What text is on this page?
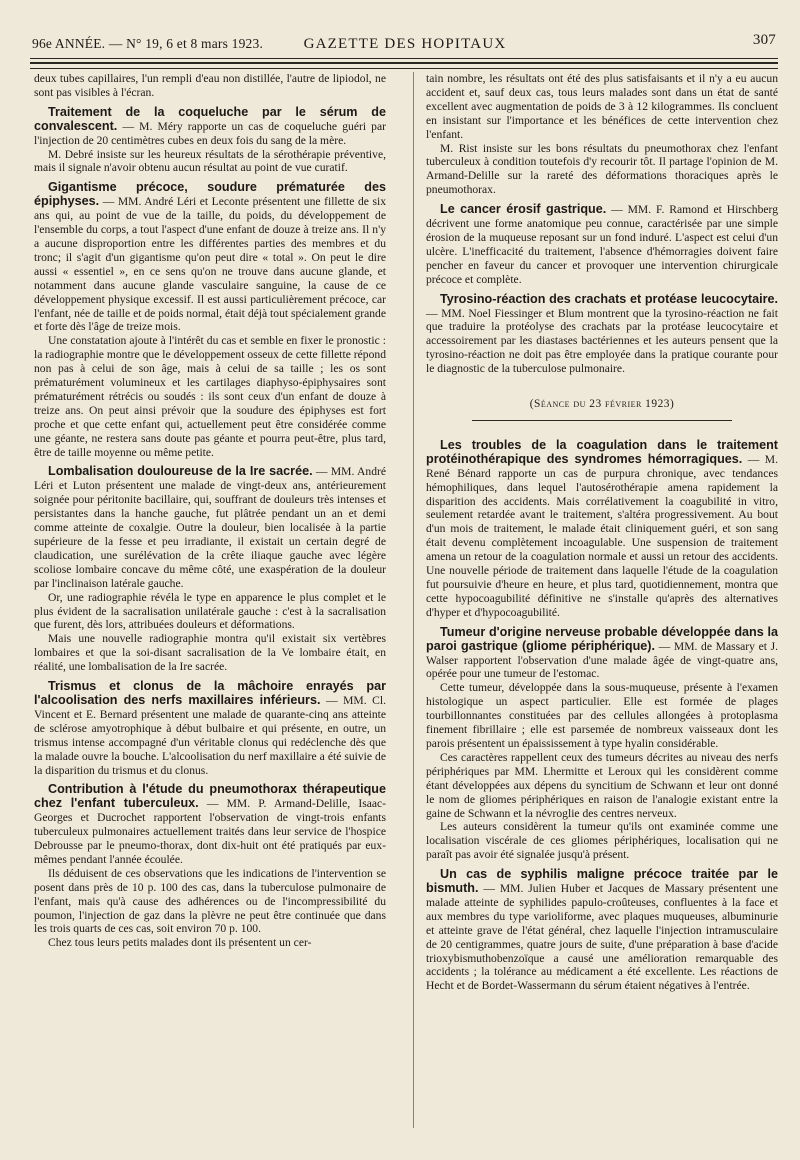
96e ANNÉE. — N° 19, 6 et 8 mars 1923.	GAZETTE DES HOPITAUX	307

deux tubes capillaires, l'un rempli d'eau non distillée, l'autre de lipiodol, ne sont pas visibles à l'écran.

Traitement de la coqueluche par le sérum de convalescent. — M. Méry rapporte un cas de coqueluche guéri par l'injection de 20 centimètres cubes en deux fois du sang de la mère.

M. Debré insiste sur les heureux résultats de la sérothérapie préventive, mais il signale n'avoir obtenu aucun résultat au point de vue curatif.

Gigantisme précoce, soudure prématurée des épiphyses. — MM. André Léri et Leconte présentent une fillette de six ans qui, au point de vue de la taille, du poids, du développement de l'ensemble du corps, a tout l'aspect d'une enfant de douze à treize ans. Il n'y a aucune disproportion entre les différentes parties des membres et du tronc; il s'agit d'un gigantisme qu'on peut dire « total ». On peut le dire aussi « essentiel », en ce sens qu'on ne trouve dans aucune glande, et notamment dans aucune glande vasculaire sanguine, la cause de ce développement physique excessif. Il est aussi particulièrement précoce, car l'enfant, née de taille et de poids normal, était déjà tout spécialement grande et forte dès l'âge de treize mois.

Une constatation ajoute à l'intérêt du cas et semble en fixer le pronostic : la radiographie montre que le développement osseux de cette fillette répond non pas à celui de son âge, mais à celui de sa taille ; les os sont prématurément volumineux et les cartilages diaphyso-épiphysaires sont prématurément rétrécis ou soudés : ils sont ceux d'un enfant de douze à treize ans. On peut ainsi prévoir que la soudure des épiphyses est fort proche et que cette enfant qui, actuellement peut être considérée comme une géante, ne restera sans doute pas géante et pourra peut-être, plus tard, être de taille moyenne ou même petite.

Lombalisation douloureuse de la Ire sacrée. — MM. André Léri et Luton présentent une malade de vingt-deux ans, antérieurement soignée pour péritonite bacillaire, qui, souffrant de douleurs très intenses et persistantes dans la hanche gauche, fut plâtrée pendant un an et demi comme atteinte de coxalgie. Outre la douleur, bien localisée à la partie supérieure de la fesse et peu irradiante, il existait un certain degré de claudication, une surélévation de la crête iliaque gauche avec légère scoliose lombaire concave du même côté, une exaspération de la douleur par l'inclinaison latérale gauche.

Or, une radiographie révéla le type en apparence le plus complet et le plus évident de la sacralisation unilatérale gauche : c'est à la sacralisation que furent, dès lors, attribuées douleurs et déformations.

Mais une nouvelle radiographie montra qu'il existait six vertèbres lombaires et que la soi-disant sacralisation de la Ve lombaire était, en réalité, une lombalisation de la Ire sacrée.

Trismus et clonus de la mâchoire enrayés par l'alcoolisation des nerfs maxillaires inférieurs. — MM. Cl. Vincent et E. Bernard présentent une malade de quarante-cinq ans atteinte de sclérose amyotrophique à début bulbaire et qui présente, en outre, un trismus intense accompagné d'un véritable clonus qui redéclenche dès que la malade ouvre la bouche. L'alcoolisation du nerf maxillaire a été suivie de la disparition du trismus et du clonus.

Contribution à l'étude du pneumothorax thérapeutique chez l'enfant tuberculeux. — MM. P. Armand-Delille, Isaac-Georges et Ducrochet rapportent l'observation de vingt-trois enfants tuberculeux pulmonaires actuellement traités dans leur service de l'hospice Debrousse par le pneumo-thorax, dont dix-huit ont été pratiqués par eux-mêmes pendant l'année écoulée.

Ils déduisent de ces observations que les indications de l'intervention se posent dans près de 10 p. 100 des cas, dans la tuberculose pulmonaire de l'enfant, mais qu'à cause des adhérences ou de l'incompressibilité du poumon, l'injection de gaz dans la plèvre ne peut être continuée que dans les trois quarts de ces cas, soit environ 70 p. 100.

Chez tous leurs petits malades dont ils présentent un cer-

tain nombre, les résultats ont été des plus satisfaisants et il n'y a eu aucun accident et, sauf deux cas, tous leurs malades sont dans un état de santé excellent avec augmentation de poids de 3 à 12 kilogrammes. Ils concluent en insistant sur l'importance et les bénéfices de cette intervention chez l'enfant.

M. Rist insiste sur les bons résultats du pneumothorax chez l'enfant tuberculeux à condition toutefois d'y recourir tôt. Il partage l'opinion de M. Armand-Delille sur la rareté des déformations thoraciques après le pneumothorax.

Le cancer érosif gastrique. — MM. F. Ramond et Hirschberg décrivent une forme anatomique peu connue, caractérisée par une simple érosion de la muqueuse reposant sur un fond induré. L'aspect est celui d'un ulcère. L'inefficacité du traitement, l'absence d'hémorragies doivent faire pencher en faveur du cancer et provoquer une intervention chirurgicale précoce et complète.

Tyrosino-réaction des crachats et protéase leucocytaire. — MM. Noel Fiessinger et Blum montrent que la tyrosino-réaction ne fait que traduire la protéolyse des crachats par la protéase leucocytaire et accessoirement par les diastases bactériennes et les auteurs pensent que la tyrosino-réaction ne doit pas être employée dans la pratique courante pour le diagnostic de la tuberculose pulmonaire.

(Séance du 23 février 1923)

Les troubles de la coagulation dans le traitement protéinothérapique des syndromes hémorragiques. — M. René Bénard rapporte un cas de purpura chronique, avec tendances hémophiliques, dans lequel l'autosérothérapie amena rapidement la disparition des accidents. Mais corrélativement la coagubilité in vitro, seulement retardée avant le traitement, s'altéra progressivement. Au bout d'un mois de traitement, le malade était cliniquement guéri, et son sang était devenu complètement incoagulable. Une suspension de traitement amena un retour de la coagulation normale et aussi un retour des accidents. Une nouvelle période de traitement dans laquelle l'étude de la coagulation fut poursuivie d'heure en heure, et plus tard, quotidiennement, montra que cette hypocoagubilité définitive ne s'installe qu'après des alternatives d'hyper et d'hypocoagubilité.

Tumeur d'origine nerveuse probable développée dans la paroi gastrique (gliome périphérique). — MM. de Massary et J. Walser rapportent l'observation d'une malade âgée de vingt-quatre ans, opérée pour une tumeur de l'estomac.

Cette tumeur, développée dans la sous-muqueuse, présente à l'examen histologique un aspect particulier. Elle est formée de plages tourbillonnantes constituées par des cellules allongées à protoplasma finement fibrillaire ; elle est parsemée de nombreux vaisseaux dont les parois présentent un épaississement à type hyalin considérable.

Ces caractères rappellent ceux des tumeurs décrites au niveau des nerfs périphériques par MM. Lhermitte et Leroux qui les considèrent comme étant développées aux dépens du syncitium de Schwann et leur ont donné le nom de gliomes périphériques en raison de l'analogie existant entre la gaine de Schwann et la névroglie des centres nerveux.

Les auteurs considèrent la tumeur qu'ils ont examinée comme une localisation viscérale de ces gliomes périphériques, localisation qui ne paraît pas avoir été signalée jusqu'à présent.

Un cas de syphilis maligne précoce traitée par le bismuth. — MM. Julien Huber et Jacques de Massary présentent une malade atteinte de syphilides papulo-croûteuses, confluentes à la face et aux membres du type varioliforme, avec plaques muqueuses, albuminurie et atteinte grave de l'état général, chez laquelle l'injection intramusculaire de 20 centigrammes, quatre jours de suite, d'une préparation à base d'acide trioxybismuthobenzoïque a causé une amélioration remarquable des accidents ; la tolérance au médicament a été excellente. Les réactions de Hecht et de Bordet-Wassermann du sérum étaient négatives à l'entrée.
